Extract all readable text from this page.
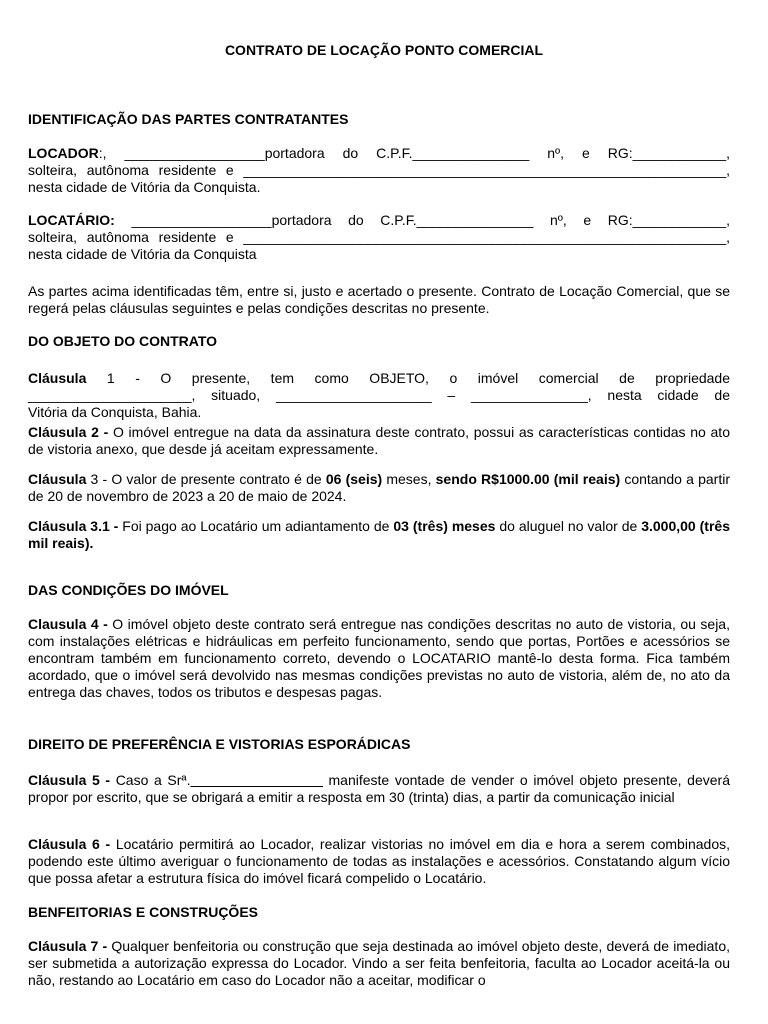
CONTRATO DE LOCAÇÃO PONTO COMERCIAL
IDENTIFICAÇÃO DAS PARTES CONTRATANTES
LOCADOR:, __________________portadora do C.P.F._______________ nº, e RG:____________,
solteira, autônoma residente e ______________________________________________________________,
nesta cidade de Vitória da Conquista.
LOCATÁRIO: __________________portadora do C.P.F._______________ nº, e RG:____________,
solteira, autônoma residente e ______________________________________________________________,
nesta cidade de Vitória da Conquista
As partes acima identificadas têm, entre si, justo e acertado o presente. Contrato de Locação Comercial, que se regerá pelas cláusulas seguintes e pelas condições descritas no presente.
DO OBJETO DO CONTRATO
Cláusula 1 - O presente, tem como OBJETO, o imóvel comercial de propriedade
_____________________, situado, ____________________ – _______________, nesta cidade de
Vitória da Conquista, Bahia.
Cláusula 2 - O imóvel entregue na data da assinatura deste contrato, possui as características contidas no ato de vistoria anexo, que desde já aceitam expressamente.
Cláusula 3 - O valor de presente contrato é de 06 (seis) meses, sendo R$1000.00 (mil reais) contando a partir de 20 de novembro de 2023 a 20 de maio de 2024.
Cláusula 3.1 - Foi pago ao Locatário um adiantamento de 03 (três) meses do aluguel no valor de 3.000,00 (três mil reais).
DAS CONDIÇÕES DO IMÓVEL
Clausula 4 - O imóvel objeto deste contrato será entregue nas condições descritas no auto de vistoria, ou seja, com instalações elétricas e hidráulicas em perfeito funcionamento, sendo que portas, Portões e acessórios se encontram também em funcionamento correto, devendo o LOCATARIO mantê-lo desta forma. Fica também acordado, que o imóvel será devolvido nas mesmas condições previstas no auto de vistoria, além de, no ato da entrega das chaves, todos os tributos e despesas pagas.
DIREITO DE PREFERÊNCIA E VISTORIAS ESPORÁDICAS
Cláusula 5 - Caso a Srª._________________ manifeste vontade de vender o imóvel objeto presente, deverá propor por escrito, que se obrigará a emitir a resposta em 30 (trinta) dias, a partir da comunicação inicial
Cláusula 6 - Locatário permitirá ao Locador, realizar vistorias no imóvel em dia e hora a serem combinados, podendo este último averiguar o funcionamento de todas as instalações e acessórios. Constatando algum vício que possa afetar a estrutura física do imóvel ficará compelido o Locatário.
BENFEITORIAS E CONSTRUÇÕES
Cláusula 7 - Qualquer benfeitoria ou construção que seja destinada ao imóvel objeto deste, deverá de imediato, ser submetida a autorização expressa do Locador. Vindo a ser feita benfeitoria, faculta ao Locador aceitá-la ou não, restando ao Locatário em caso do Locador não a aceitar, modificar o
